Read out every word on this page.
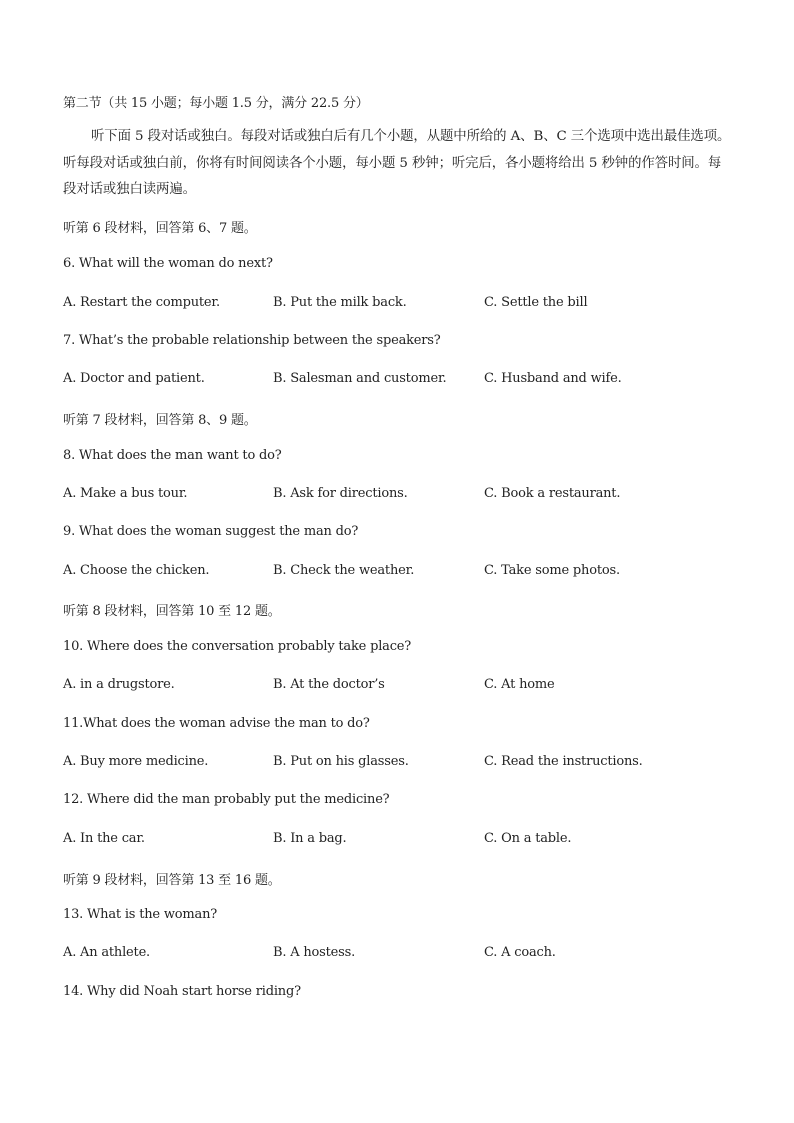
第二节（共 15 小题；每小题 1.5 分，满分 22.5 分）
听下面 5 段对话或独白。每段对话或独白后有几个小题，从题中所给的 A、B、C 三个选项中选出最佳选项。听每段对话或独白前，你将有时间阅读各个小题，每小题 5 秒钟；听完后，各小题将给出 5 秒钟的作答时间。每段对话或独白读两遍。
听第 6 段材料，回答第 6、7 题。
6. What will the woman do next?
A. Restart the computer.	B. Put the milk back.	C. Settle the bill
7. What’s the probable relationship between the speakers?
A. Doctor and patient.	B. Salesman and customer.	C. Husband and wife.
听第 7 段材料，回答第 8、9 题。
8. What does the man want to do?
A. Make a bus tour.	B. Ask for directions.	C. Book a restaurant.
9. What does the woman suggest the man do?
A. Choose the chicken.	B. Check the weather.	C. Take some photos.
听第 8 段材料，回答第 10 至 12 题。
10. Where does the conversation probably take place?
A. in a drugstore.	B. At the doctor’s	C. At home
11.What does the woman advise the man to do?
A. Buy more medicine.	B. Put on his glasses.	C. Read the instructions.
12. Where did the man probably put the medicine?
A. In the car.	B. In a bag.	C. On a table.
听第 9 段材料，回答第 13 至 16 题。
13. What is the woman?
A. An athlete.	B. A hostess.	C. A coach.
14. Why did Noah start horse riding?
